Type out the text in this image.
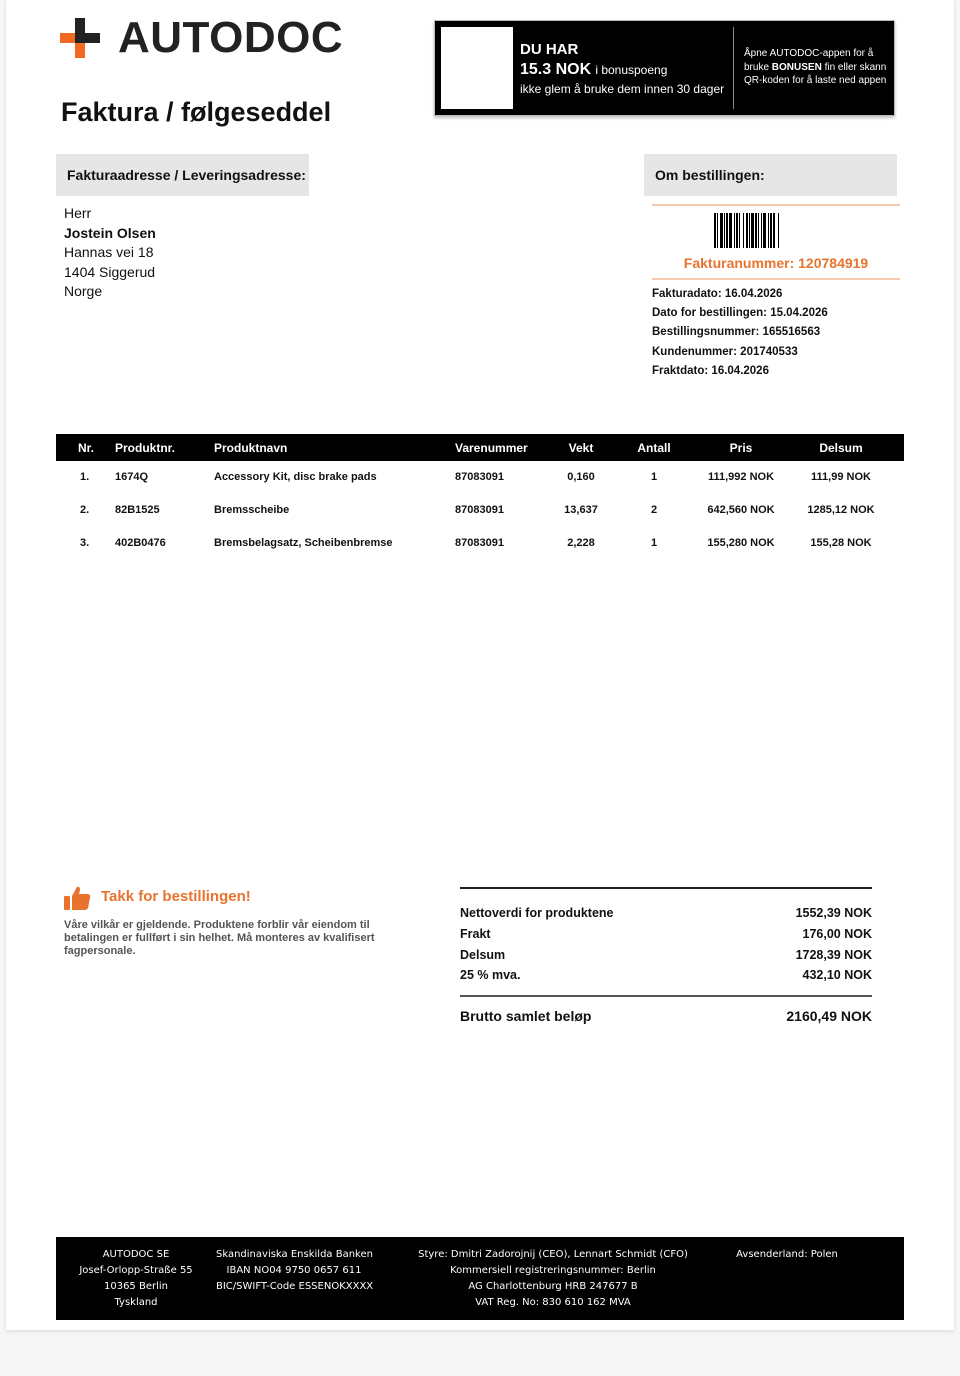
AUTODOC
Faktura / følgeseddel
DU HAR
15.3 NOK i bonuspoeng
ikke glem å bruke dem innen 30 dager
Åpne AUTODOC-appen for å bruke BONUSEN fin eller skann QR-koden for å laste ned appen
Fakturaadresse / Leveringsadresse:
Herr
Jostein Olsen
Hannas vei 18
1404 Siggerud
Norge
Om bestillingen:
Fakturanummer: 120784919
Fakturadato: 16.04.2026
Dato for bestillingen: 15.04.2026
Bestillingsnummer: 165516563
Kundenummer: 201740533
Fraktdato: 16.04.2026
Nr. Produktnr.	Produktnavn	Varenummer	Vekt	Antall	Pris	Delsum
1. 1674Q	Accessory Kit, disc brake pads	87083091	0,160	1	111,992 NOK	111,99 NOK
2. 82B1525	Bremsscheibe	87083091	13,637	2	642,560 NOK	1285,12 NOK
3. 402B0476	Bremsbelagsatz, Scheibenbremse	87083091	2,228	1	155,280 NOK	155,28 NOK
Takk for bestillingen!
Våre vilkår er gjeldende. Produktene forblir vår eiendom til betalingen er fullført i sin helhet. Må monteres av kvalifisert fagpersonale.
Nettoverdi for produktene	1552,39 NOK
Frakt	176,00 NOK
Delsum	1728,39 NOK
25 % mva.	432,10 NOK
Brutto samlet beløp	2160,49 NOK
AUTODOC SE
Josef-Orlopp-Straße 55
10365 Berlin
Tyskland
Skandinaviska Enskilda Banken
IBAN NO04 9750 0657 611
BIC/SWIFT-Code ESSENOKXXXX
Styre: Dmitri Zadorojnij (CEO), Lennart Schmidt (CFO)
Kommersiell registreringsnummer: Berlin
AG Charlottenburg HRB 247677 B
VAT Reg. No: 830 610 162 MVA
Avsenderland: Polen
